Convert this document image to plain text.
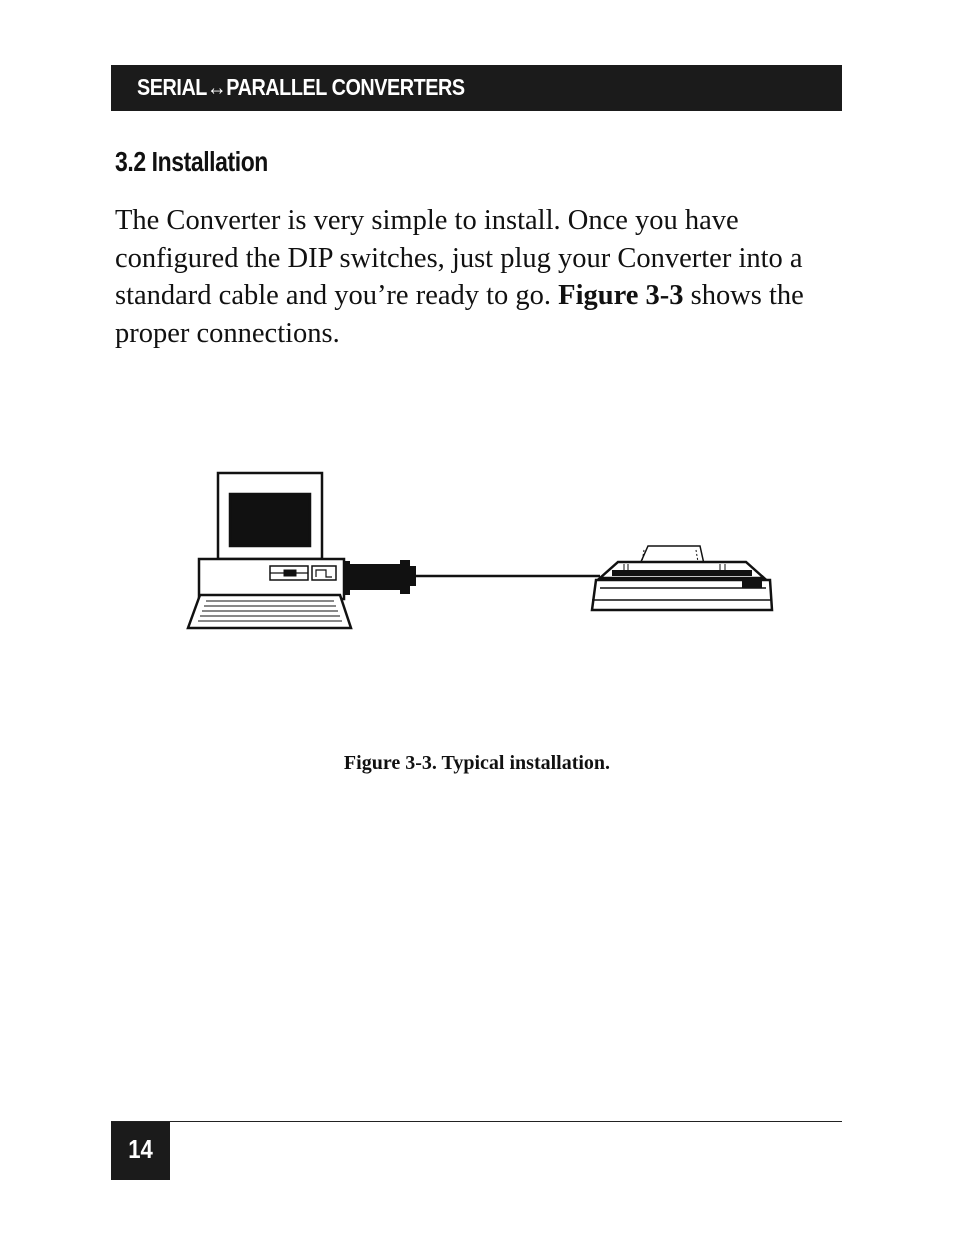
SERIAL↔PARALLEL CONVERTERS
3.2 Installation

The Converter is very simple to install. Once you have configured the DIP switches, just plug your Converter into a standard cable and you’re ready to go. Figure 3-3 shows the proper connections.

Figure 3-3. Typical installation.
14
